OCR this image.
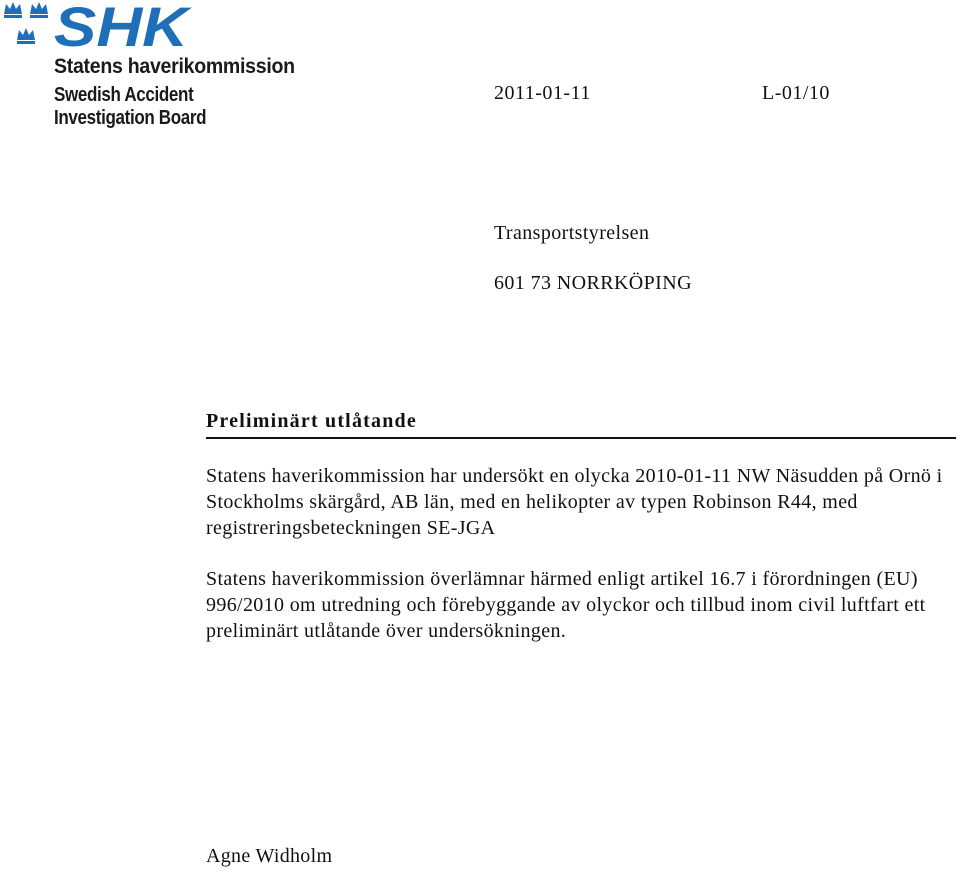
SHK

Statens haverikommission

Swedish Accident Investigation Board

2011-01-11	L-01/10
Transportstyrelsen
601 73 NORRKÖPING
Preliminärt utlåtande

Statens haverikommission har undersökt en olycka 2010-01-11 NW Näsudden på Ornö i Stockholms skärgård, AB län, med en helikopter av typen Robinson R44, med registreringsbeteckningen SE-JGA

Statens haverikommission överlämnar härmed enligt artikel 16.7 i förordningen (EU) 996/2010 om utredning och förebyggande av olyckor och tillbud inom civil luftfart ett preliminärt utlåtande över undersökningen.

Agne Widholm
